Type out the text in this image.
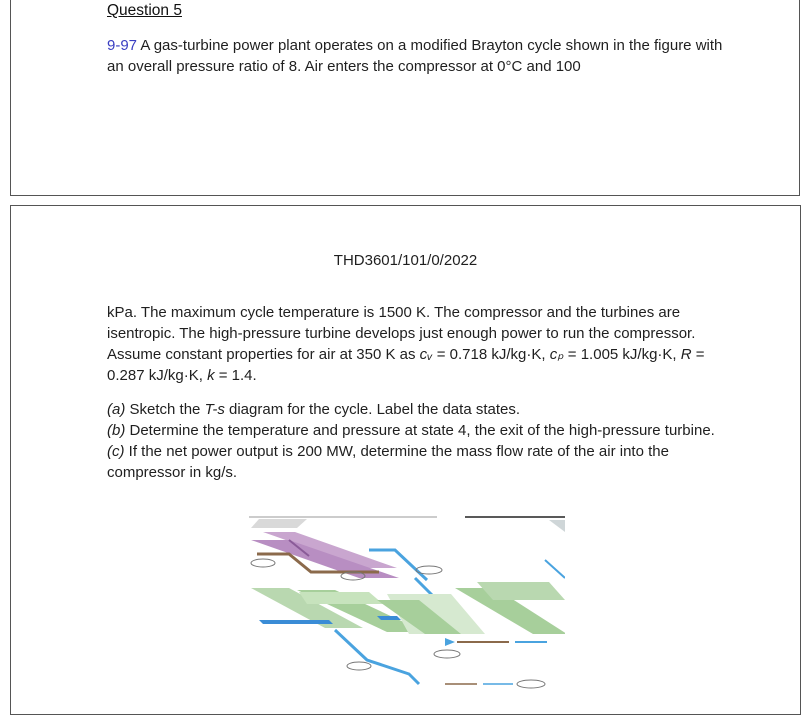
Question 5
9-97 A gas-turbine power plant operates on a modified Brayton cycle shown in the figure with an overall pressure ratio of 8. Air enters the compressor at 0°C and 100
THD3601/101/0/2022
kPa. The maximum cycle temperature is 1500 K. The compressor and the turbines are isentropic. The high-pressure turbine develops just enough power to run the compressor. Assume constant properties for air at 350 K as cᵥ = 0.718 kJ/kg·K, cₚ = 1.005 kJ/kg·K, R = 0.287 kJ/kg·K, k = 1.4.
(a) Sketch the T-s diagram for the cycle. Label the data states.
(b) Determine the temperature and pressure at state 4, the exit of the high-pressure turbine.
(c) If the net power output is 200 MW, determine the mass flow rate of the air into the compressor in kg/s.
